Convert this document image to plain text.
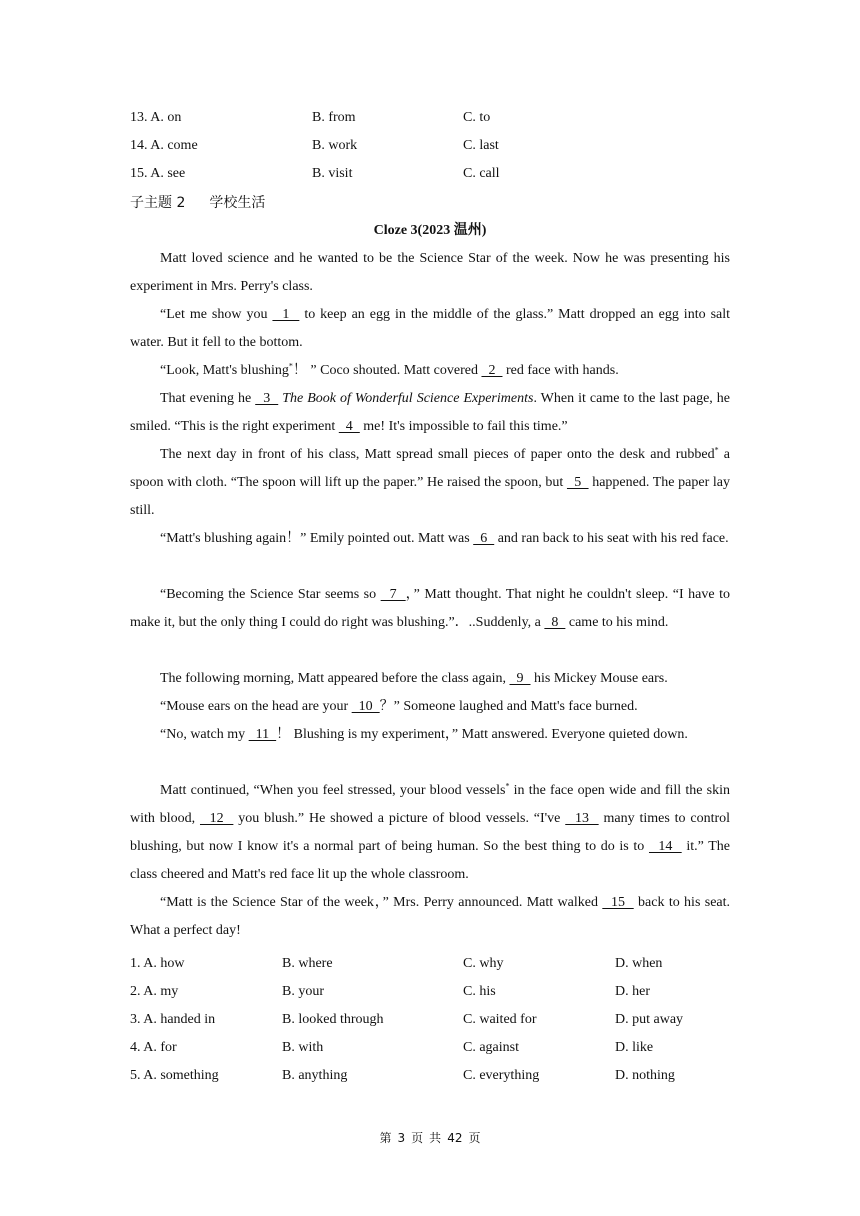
13. A. on	B. from	C. to
14. A. come	B. work	C. last
15. A. see	B. visit	C. call
子主题 2 学校生活
Cloze 3(2023 温州)
Matt loved science and he wanted to be the Science Star of the week. Now he was presenting his experiment in Mrs. Perry's class.
“Let me show you   1   to keep an egg in the middle of the glass.” Matt dropped an egg into salt water. But it fell to the bottom.
“Look, Matt's blushing*！ ” Coco shouted. Matt covered   2   red face with hands.
That evening he   3   The Book of Wonderful Science Experiments. When it came to the last page, he smiled. “This is the right experiment   4   me! It's impossible to fail this time.”
The next day in front of his class, Matt spread small pieces of paper onto the desk and rubbed* a spoon with cloth. “The spoon will lift up the paper.” He raised the spoon, but   5   happened. The paper lay still.
“Matt's blushing again！” Emily pointed out. Matt was   6   and ran back to his seat with his red face.
“Becoming the Science Star seems so   7  ，” Matt thought. That night he couldn't sleep. “I have to make it, but the only thing I could do right was blushing.”．..Suddenly, a   8   came to his mind.
The following morning, Matt appeared before the class again,   9   his Mickey Mouse ears.
“Mouse ears on the head are your   10  ？” Someone laughed and Matt's face burned.
“No, watch my   11  ！ Blushing is my experiment，” Matt answered. Everyone quieted down.
Matt continued, “When you feel stressed, your blood vessels* in the face open wide and fill the skin with blood,   12   you blush.” He showed a picture of blood vessels. “I've   13   many times to control blushing, but now I know it's a normal part of being human. So the best thing to do is to   14   it.” The class cheered and Matt's red face lit up the whole classroom.
“Matt is the Science Star of the week，” Mrs. Perry announced. Matt walked   15   back to his seat. What a perfect day!
1. A. how	B. where	C. why	D. when
2. A. my	B. your	C. his	D. her
3. A. handed in	B. looked through	C. waited for	D. put away
4. A. for	B. with	C. against	D. like
5. A. something	B. anything	C. everything	D. nothing
第 3 页 共 42 页
